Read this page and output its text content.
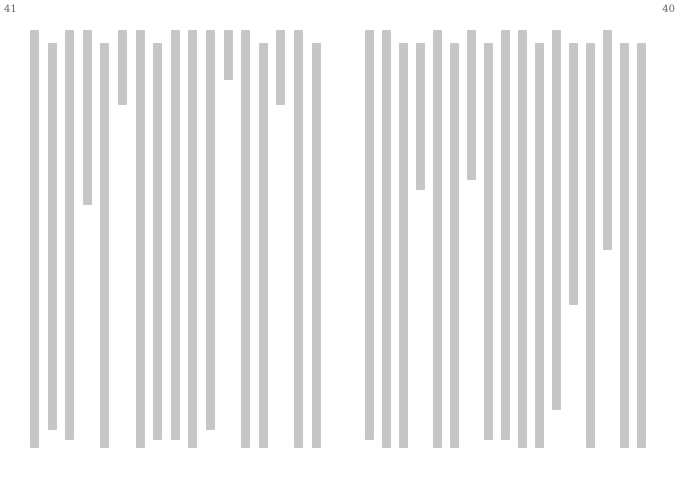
41	40
